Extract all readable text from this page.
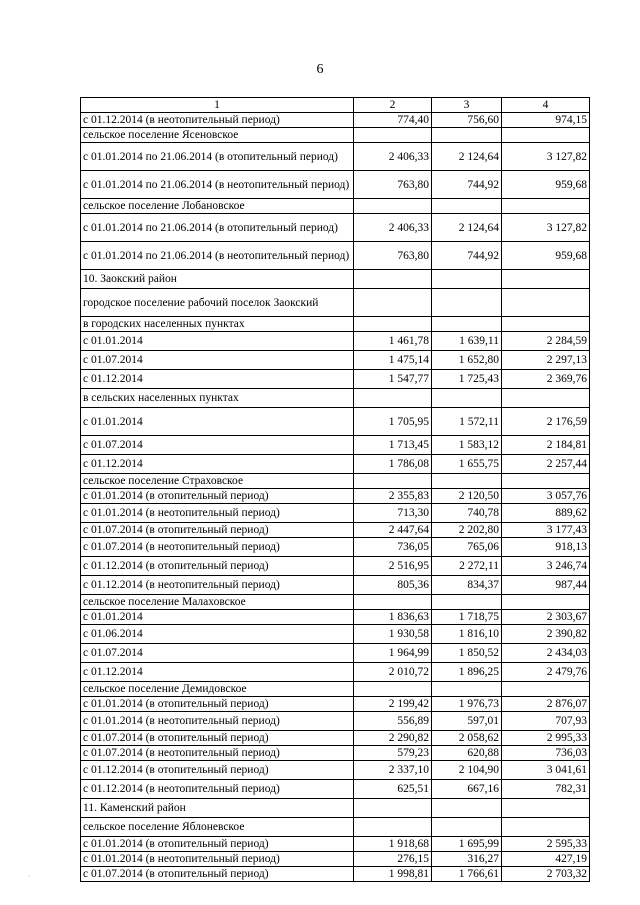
6
1	2	3	4
с 01.12.2014 (в неотопительный период)	774,40	756,60	974,15
сельское поселение Ясеновское			
с 01.01.2014 по 21.06.2014 (в отопительный период)	2 406,33	2 124,64	3 127,82
с 01.01.2014 по 21.06.2014 (в неотопительный период)	763,80	744,92	959,68
сельское поселение Лобановское			
с 01.01.2014 по 21.06.2014 (в отопительный период)	2 406,33	2 124,64	3 127,82
с 01.01.2014 по 21.06.2014 (в неотопительный период)	763,80	744,92	959,68
10. Заокский район			
городское поселение рабочий поселок Заокский			
в городских населенных пунктах			
с 01.01.2014	1 461,78	1 639,11	2 284,59
с 01.07.2014	1 475,14	1 652,80	2 297,13
с 01.12.2014	1 547,77	1 725,43	2 369,76
в сельских населенных пунктах			
с 01.01.2014	1 705,95	1 572,11	2 176,59
с 01.07.2014	1 713,45	1 583,12	2 184,81
с 01.12.2014	1 786,08	1 655,75	2 257,44
сельское поселение Страховское			
с 01.01.2014 (в отопительный период)	2 355,83	2 120,50	3 057,76
с 01.01.2014 (в неотопительный период)	713,30	740,78	889,62
с 01.07.2014 (в отопительный период)	2 447,64	2 202,80	3 177,43
с 01.07.2014 (в неотопительный период)	736,05	765,06	918,13
с 01.12.2014 (в отопительный период)	2 516,95	2 272,11	3 246,74
с 01.12.2014 (в неотопительный период)	805,36	834,37	987,44
сельское поселение Малаховское			
с 01.01.2014	1 836,63	1 718,75	2 303,67
с 01.06.2014	1 930,58	1 816,10	2 390,82
с 01.07.2014	1 964,99	1 850,52	2 434,03
с 01.12.2014	2 010,72	1 896,25	2 479,76
сельское поселение Демидовское			
с 01.01.2014 (в отопительный период)	2 199,42	1 976,73	2 876,07
с 01.01.2014 (в неотопительный период)	556,89	597,01	707,93
с 01.07.2014 (в отопительный период)	2 290,82	2 058,62	2 995,33
с 01.07.2014 (в неотопительный период)	579,23	620,88	736,03
с 01.12.2014 (в отопительный период)	2 337,10	2 104,90	3 041,61
с 01.12.2014 (в неотопительный период)	625,51	667,16	782,31
11. Каменский район			
сельское поселение Яблоневское			
с 01.01.2014 (в отопительный период)	1 918,68	1 695,99	2 595,33
с 01.01.2014 (в неотопительный период)	276,15	316,27	427,19
с 01.07.2014 (в отопительный период)	1 998,81	1 766,61	2 703,32
·
